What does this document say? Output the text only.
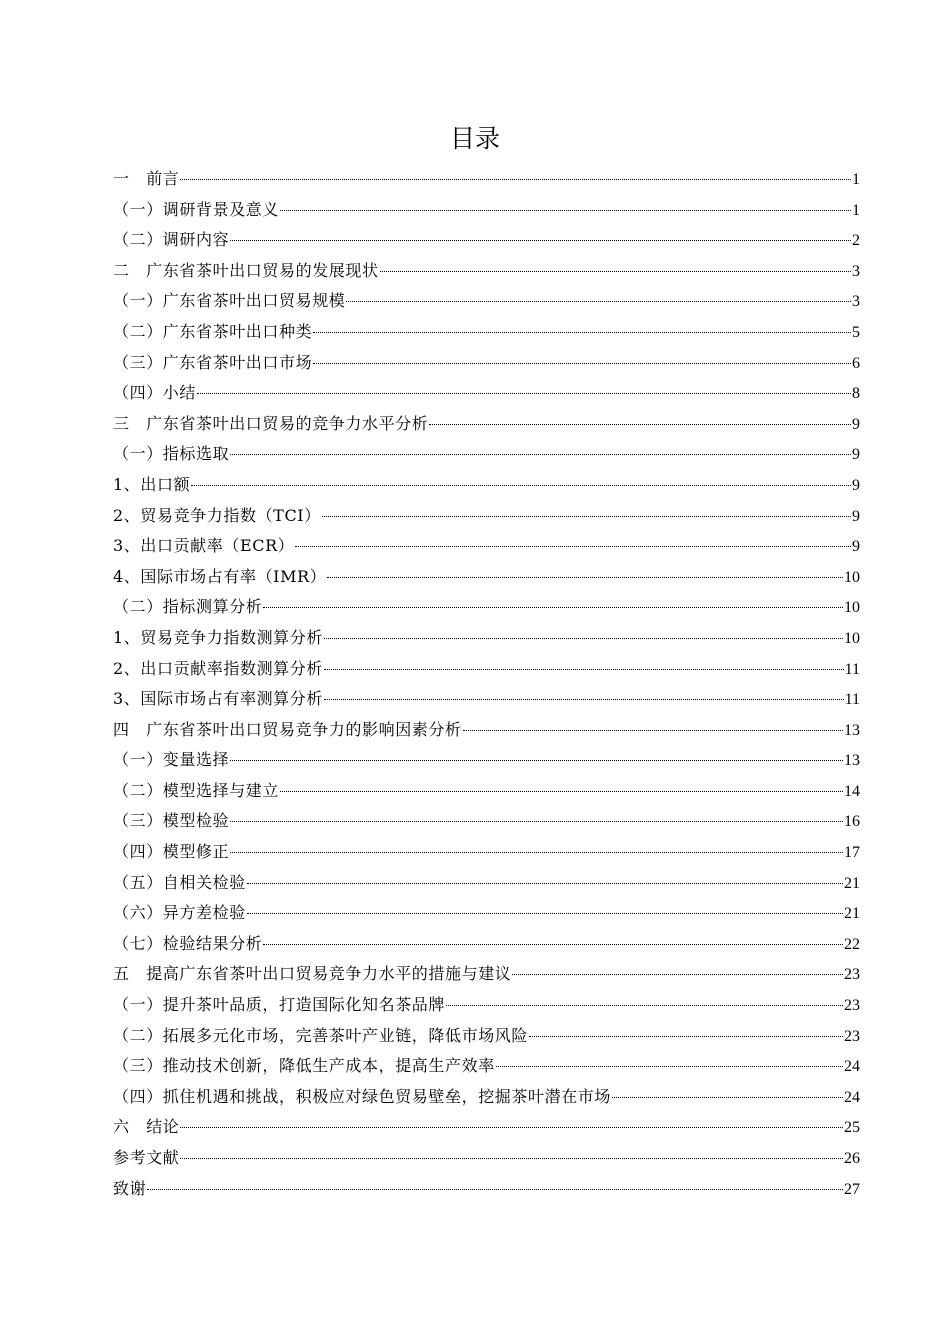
目录
一　前言	1
（一）调研背景及意义	1
（二）调研内容	2
二　广东省茶叶出口贸易的发展现状	3
（一）广东省茶叶出口贸易规模	3
（二）广东省茶叶出口种类	5
（三）广东省茶叶出口市场	6
（四）小结	8
三　广东省茶叶出口贸易的竞争力水平分析	9
（一）指标选取	9
1、出口额	9
2、贸易竞争力指数（TCI）	9
3、出口贡献率（ECR）	9
4、国际市场占有率（IMR）	10
（二）指标测算分析	10
1、贸易竞争力指数测算分析	10
2、出口贡献率指数测算分析	11
3、国际市场占有率测算分析	11
四　广东省茶叶出口贸易竞争力的影响因素分析	13
（一）变量选择	13
（二）模型选择与建立	14
（三）模型检验	16
（四）模型修正	17
（五）自相关检验	21
（六）异方差检验	21
（七）检验结果分析	22
五　提高广东省茶叶出口贸易竞争力水平的措施与建议	23
（一）提升茶叶品质，打造国际化知名茶品牌	23
（二）拓展多元化市场，完善茶叶产业链，降低市场风险	23
（三）推动技术创新，降低生产成本，提高生产效率	24
（四）抓住机遇和挑战，积极应对绿色贸易壁垒，挖掘茶叶潜在市场	24
六　结论	25
参考文献	26
致谢	27
